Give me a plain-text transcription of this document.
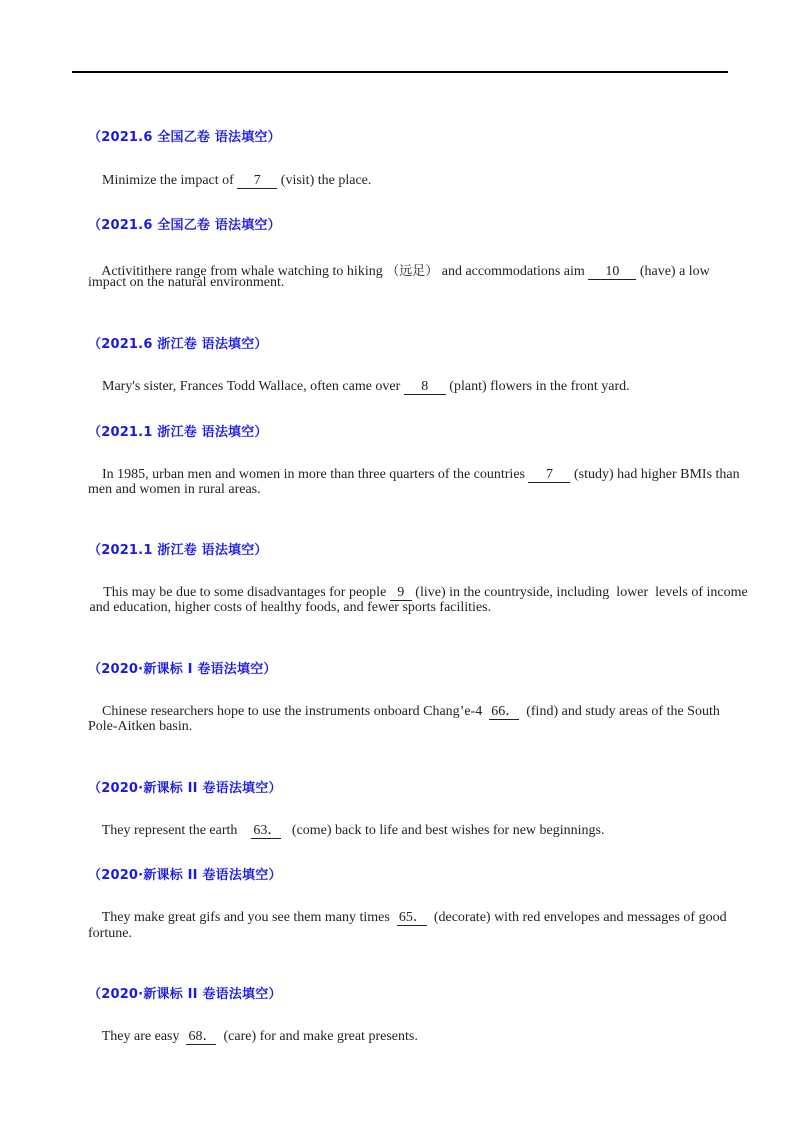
（2021.6 全国乙卷 语法填空）

Minimize the impact of 7 (visit) the place.

（2021.6 全国乙卷 语法填空）

Activitithere range from whale watching to hiking （远足） and accommodations aim 10 (have) a low

impact on the natural environment.
（2021.6 浙江卷 语法填空）

Mary's sister, Frances Todd Wallace, often came over 8 (plant) flowers in the front yard.

（2021.1 浙江卷 语法填空）

In 1985, urban men and women in more than three quarters of the countries 7 (study) had higher BMIs than

men and women in rural areas.
（2021.1 浙江卷 语法填空）

This may be due to some disadvantages for people 9 (live) in the countryside, including  lower  levels of income

and education, higher costs of healthy foods, and fewer sports facilities.
（2020·新课标 I 卷语法填空）

Chinese researchers hope to use the instruments onboard Chang’e-4  66．  (find) and study areas of the South

Pole-Aitken basin.
（2020·新课标 II 卷语法填空）

They represent the earth    63．   (come) back to life and best wishes for new beginnings.

（2020·新课标 II 卷语法填空）

They make great gifs and you see them many times  65．  (decorate) with red envelopes and messages of good

fortune.
（2020·新课标 II 卷语法填空）

They are easy  68．  (care) for and make great presents.
